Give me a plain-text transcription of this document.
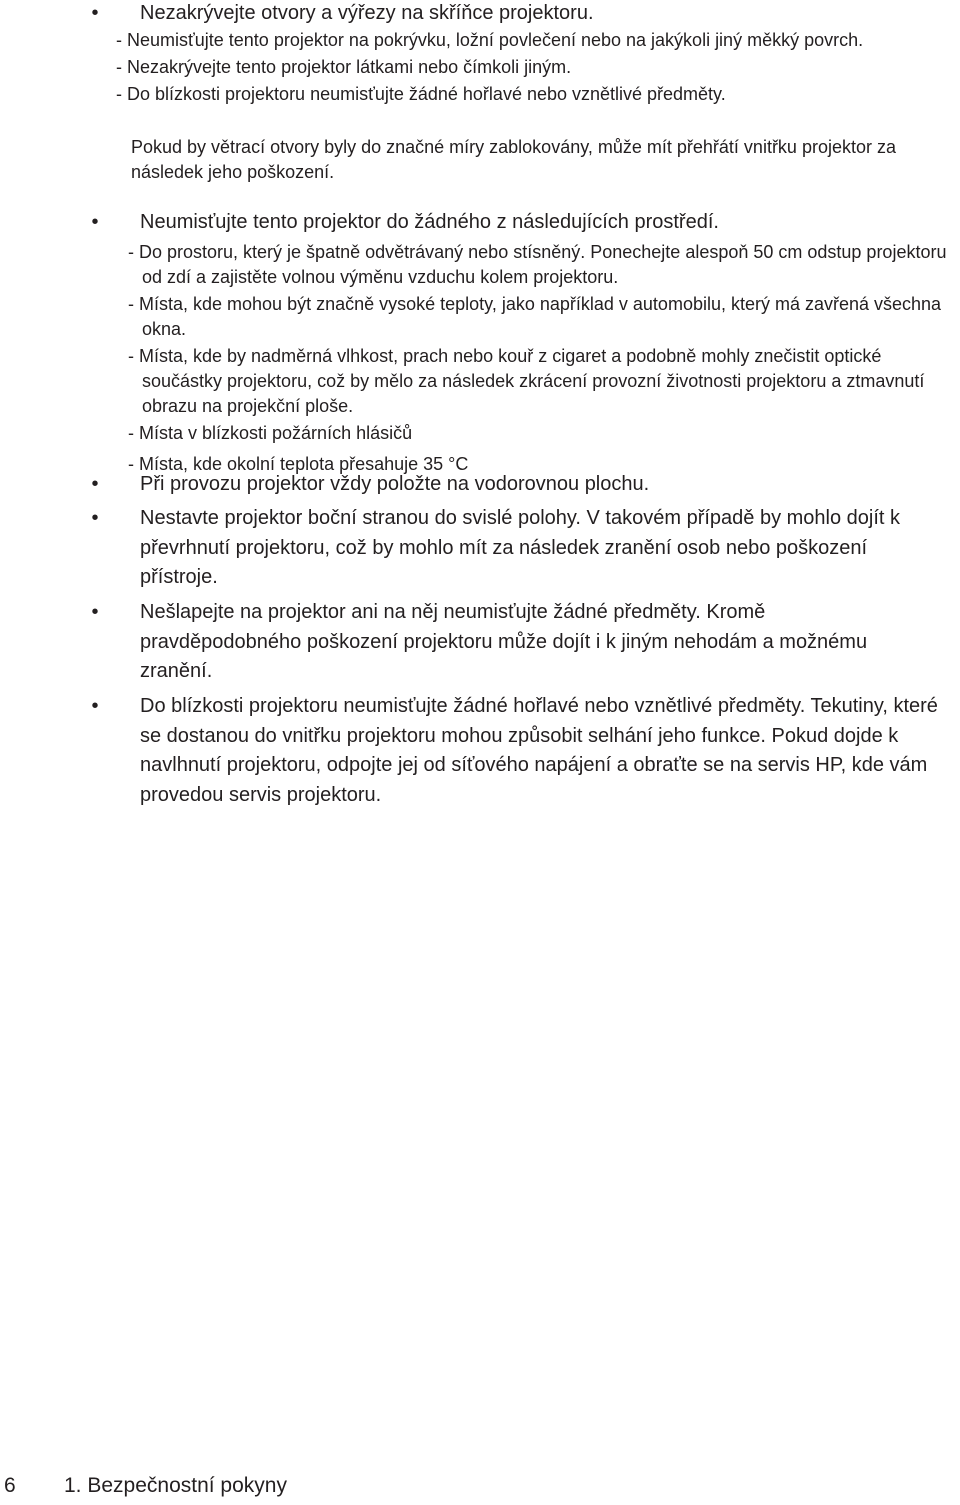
• Nezakrývejte otvory a výřezy na skříňce projektoru.
- Neumisťujte tento projektor na pokrývku, ložní povlečení nebo na jakýkoli jiný měkký povrch.
- Nezakrývejte tento projektor látkami nebo čímkoli jiným.
- Do blízkosti projektoru neumisťujte žádné hořlavé nebo vznětlivé předměty.
Pokud by větrací otvory byly do značné míry zablokovány, může mít přehřátí vnitřku projektor za následek jeho poškození.
• Neumisťujte tento projektor do žádného z následujících prostředí.
- Do prostoru, který je špatně odvětrávaný nebo stísněný. Ponechejte alespoň 50 cm odstup projektoru od zdí a zajistěte volnou výměnu vzduchu kolem projektoru.
- Místa, kde mohou být značně vysoké teploty, jako například v automobilu, který má zavřená všechna okna.
- Místa, kde by nadměrná vlhkost, prach nebo kouř z cigaret a podobně mohly znečistit optické součástky projektoru, což by mělo za následek zkrácení provozní životnosti projektoru a ztmavnutí obrazu na projekční ploše.
- Místa v blízkosti požárních hlásičů
- Místa, kde okolní teplota přesahuje 35 °C
• Při provozu projektor vždy položte na vodorovnou plochu.
• Nestavte projektor boční stranou do svislé polohy. V takovém případě by mohlo dojít k převrhnutí projektoru, což by mohlo mít za následek zranění osob nebo poškození přístroje.
• Nešlapejte na projektor ani na něj neumisťujte žádné předměty. Kromě pravděpodobného poškození projektoru může dojít i k jiným nehodám a možnému zranění.
• Do blízkosti projektoru neumisťujte žádné hořlavé nebo vznětlivé předměty. Tekutiny, které se dostanou do vnitřku projektoru mohou způsobit selhání jeho funkce. Pokud dojde k navlhnutí projektoru, odpojte jej od síťového napájení a obraťte se na servis HP, kde vám provedou servis projektoru.
6 1. Bezpečnostní pokyny
